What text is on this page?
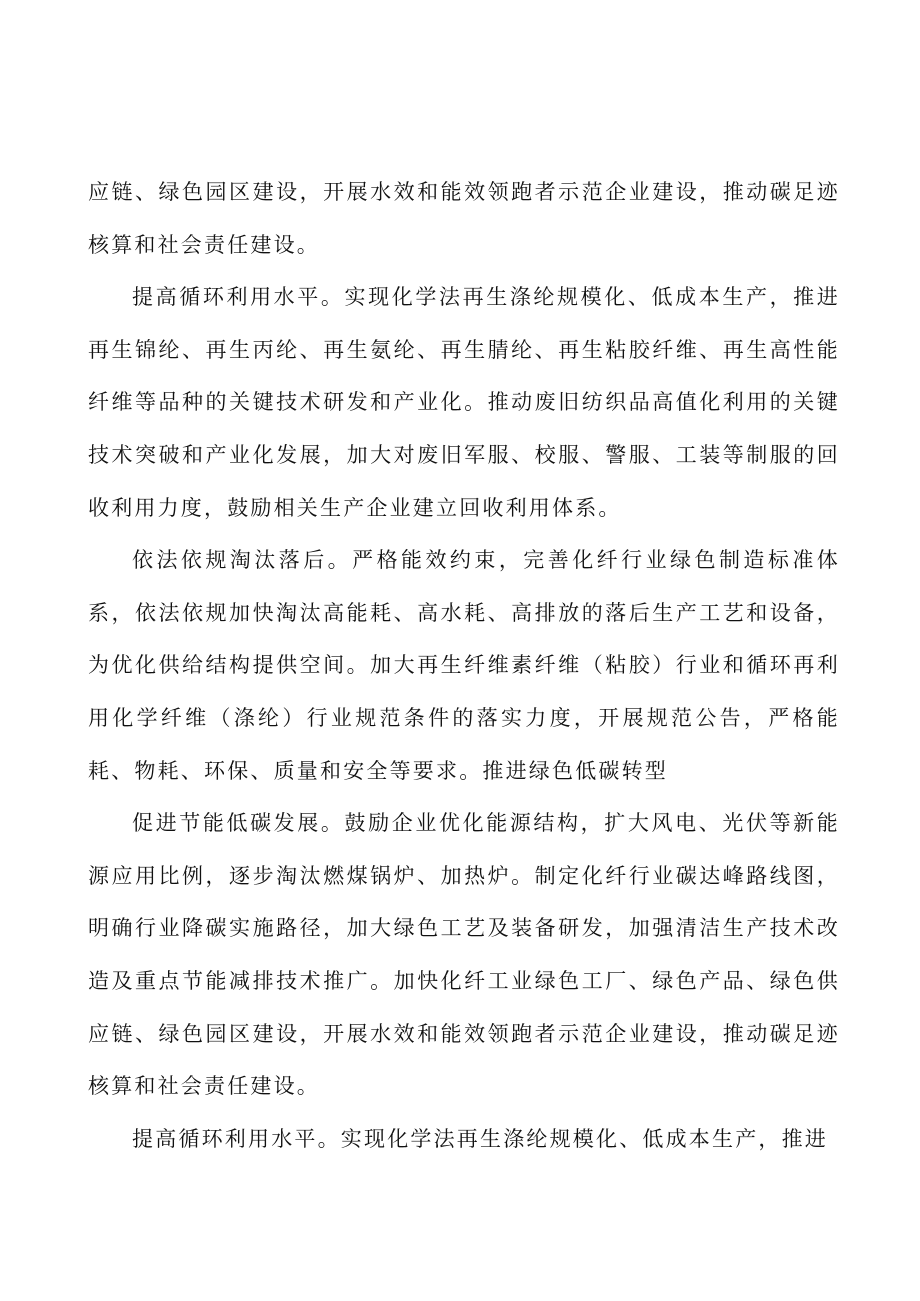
应链、绿色园区建设，开展水效和能效领跑者示范企业建设，推动碳足迹核算和社会责任建设。

提高循环利用水平。实现化学法再生涤纶规模化、低成本生产，推进再生锦纶、再生丙纶、再生氨纶、再生腈纶、再生粘胶纤维、再生高性能纤维等品种的关键技术研发和产业化。推动废旧纺织品高值化利用的关键技术突破和产业化发展，加大对废旧军服、校服、警服、工装等制服的回收利用力度，鼓励相关生产企业建立回收利用体系。

依法依规淘汰落后。严格能效约束，完善化纤行业绿色制造标准体系，依法依规加快淘汰高能耗、高水耗、高排放的落后生产工艺和设备，为优化供给结构提供空间。加大再生纤维素纤维（粘胶）行业和循环再利用化学纤维（涤纶）行业规范条件的落实力度，开展规范公告，严格能耗、物耗、环保、质量和安全等要求。推进绿色低碳转型

促进节能低碳发展。鼓励企业优化能源结构，扩大风电、光伏等新能源应用比例，逐步淘汰燃煤锅炉、加热炉。制定化纤行业碳达峰路线图，明确行业降碳实施路径，加大绿色工艺及装备研发，加强清洁生产技术改造及重点节能减排技术推广。加快化纤工业绿色工厂、绿色产品、绿色供应链、绿色园区建设，开展水效和能效领跑者示范企业建设，推动碳足迹核算和社会责任建设。

提高循环利用水平。实现化学法再生涤纶规模化、低成本生产，推进
